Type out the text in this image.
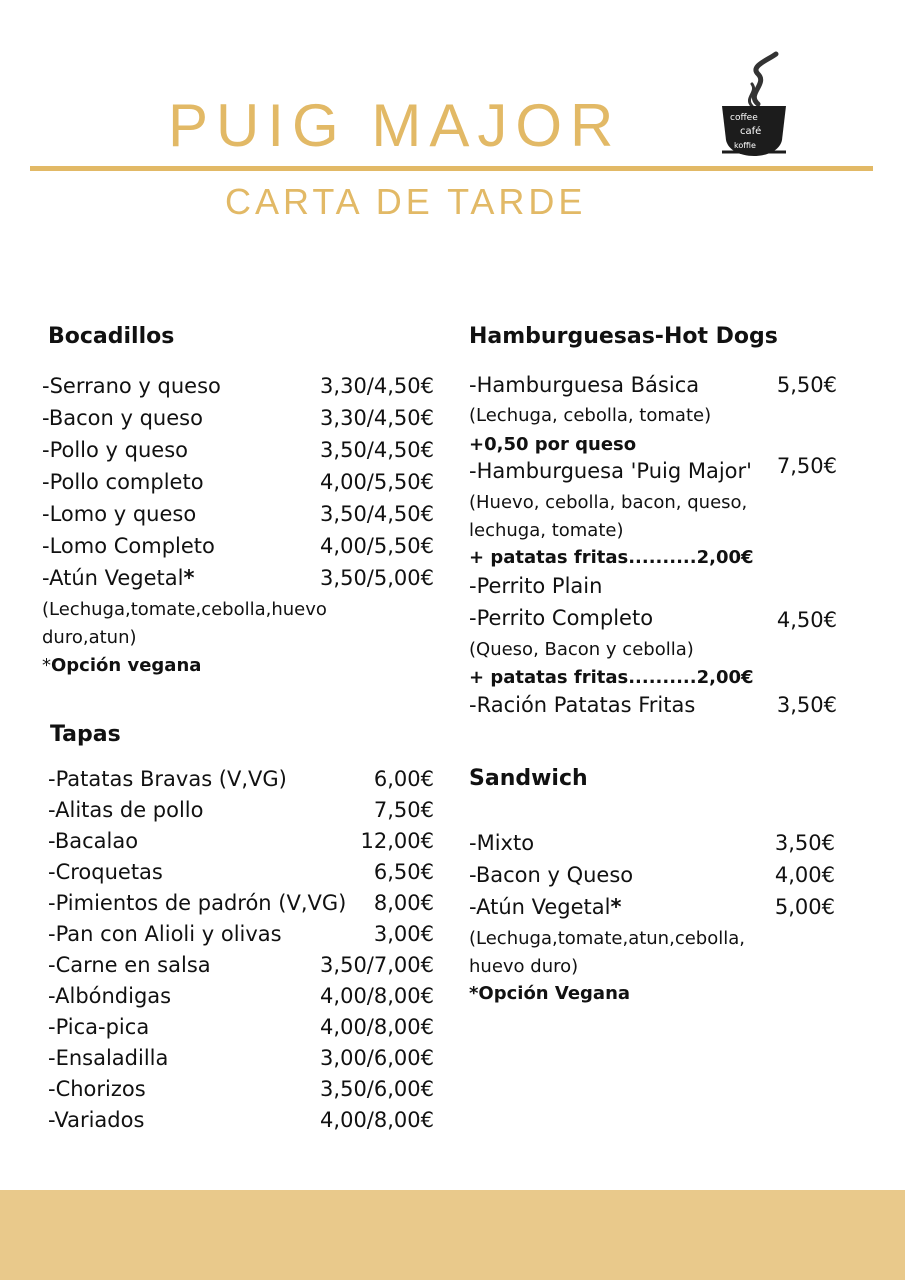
PUIG MAJOR	coffee
café
koffie
CARTA DE TARDE
Bocadillos
-Serrano y queso	3,30/4,50€
-Bacon y queso	3,30/4,50€
-Pollo y queso	3,50/4,50€
-Pollo completo	4,00/5,50€
-Lomo y queso	3,50/4,50€
-Lomo Completo	4,00/5,50€
-Atún Vegetal*	3,50/5,00€
(Lechuga,tomate,cebolla,huevo
duro,atun)
*Opción vegana
Tapas
-Patatas Bravas (V,VG)	6,00€
-Alitas de pollo	7,50€
-Bacalao	12,00€
-Croquetas	6,50€
-Pimientos de padrón (V,VG) 8,00€
-Pan con Alioli y olivas	3,00€
-Carne en salsa	3,50/7,00€
-Albóndigas	4,00/8,00€
-Pica-pica	4,00/8,00€
-Ensaladilla	3,00/6,00€
-Chorizos	3,50/6,00€
-Variados	4,00/8,00€
Hamburguesas-Hot Dogs
-Hamburguesa Básica	5,50€
(Lechuga, cebolla, tomate)
+0,50 por queso
-Hamburguesa 'Puig Major' 7,50€
(Huevo, cebolla, bacon, queso,
lechuga, tomate)
+ patatas fritas..........2,00€
-Perrito Plain
-Perrito Completo	4,50€
(Queso, Bacon y cebolla)
+ patatas fritas..........2,00€
-Ración Patatas Fritas	3,50€
Sandwich
-Mixto	3,50€
-Bacon y Queso	4,00€
-Atún Vegetal*	5,00€
(Lechuga,tomate,atun,cebolla,
huevo duro)
*Opción Vegana
